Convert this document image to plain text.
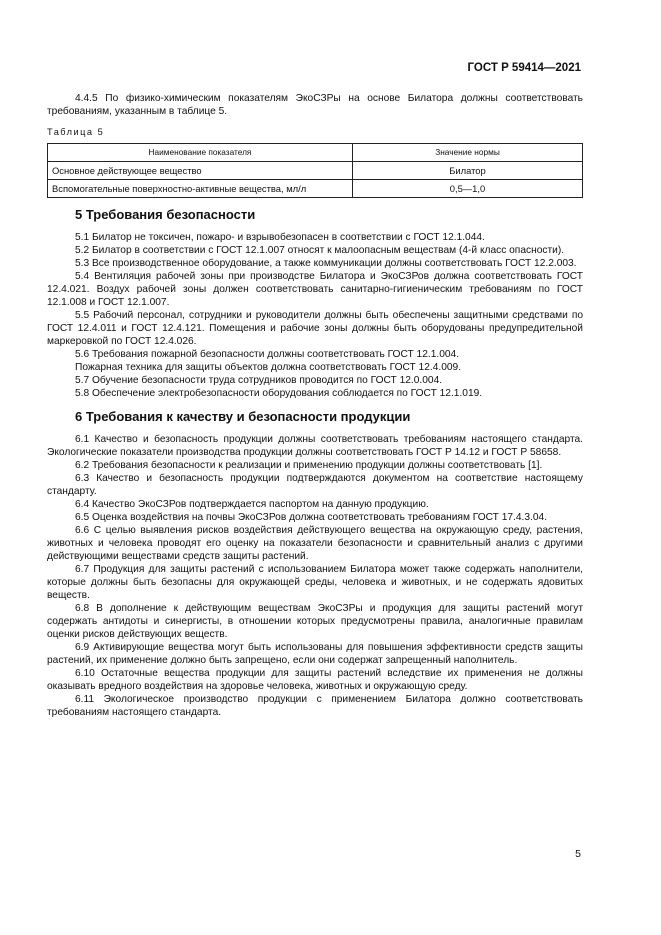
ГОСТ Р 59414—2021

4.4.5 По физико-химическим показателям ЭкоСЗРы на основе Билатора должны соответствовать требованиям, указанным в таблице 5.

Таблица 5
Наименование показателя	Значение нормы
Основное действующее вещество	Билатор
Вспомогательные поверхностно-активные вещества, мл/л	0,5—1,0
5 Требования безопасности

5.1 Билатор не токсичен, пожаро- и взрывобезопасен в соответствии с ГОСТ 12.1.044.

5.2 Билатор в соответствии с ГОСТ 12.1.007 относят к малоопасным веществам (4-й класс опасности).

5.3 Все производственное оборудование, а также коммуникации должны соответствовать ГОСТ 12.2.003.

5.4 Вентиляция рабочей зоны при производстве Билатора и ЭкоСЗРов должна соответствовать ГОСТ 12.4.021. Воздух рабочей зоны должен соответствовать санитарно-гигиеническим требованиям по ГОСТ 12.1.008 и ГОСТ 12.1.007.

5.5 Рабочий персонал, сотрудники и руководители должны быть обеспечены защитными средствами по ГОСТ 12.4.011 и ГОСТ 12.4.121. Помещения и рабочие зоны должны быть оборудованы предупредительной маркеровкой по ГОСТ 12.4.026.

5.6 Требования пожарной безопасности должны соответствовать ГОСТ 12.1.004.

Пожарная техника для защиты объектов должна соответствовать ГОСТ 12.4.009.

5.7 Обучение безопасности труда сотрудников проводится по ГОСТ 12.0.004.

5.8 Обеспечение электробезопасности оборудования соблюдается по ГОСТ 12.1.019.

6 Требования к качеству и безопасности продукции

6.1 Качество и безопасность продукции должны соответствовать требованиям настоящего стандарта. Экологические показатели производства продукции должны соответствовать ГОСТ Р 14.12 и ГОСТ Р 58658.

6.2 Требования безопасности к реализации и применению продукции должны соответствовать [1].

6.3 Качество и безопасность продукции подтверждаются документом на соответствие настоящему стандарту.

6.4 Качество ЭкоСЗРов подтверждается паспортом на данную продукцию.

6.5 Оценка воздействия на почвы ЭкоСЗРов должна соответствовать требованиям ГОСТ 17.4.3.04.

6.6 С целью выявления рисков воздействия действующего вещества на окружающую среду, растения, животных и человека проводят его оценку на показатели безопасности и сравнительный анализ с другими действующими веществами средств защиты растений.

6.7 Продукция для защиты растений с использованием Билатора может также содержать наполнители, которые должны быть безопасны для окружающей среды, человека и животных, и не содержать ядовитых веществ.

6.8 В дополнение к действующим веществам ЭкоСЗРы и продукция для защиты растений могут содержать антидоты и синергисты, в отношении которых предусмотрены правила, аналогичные правилам оценки рисков действующих веществ.

6.9 Активирующие вещества могут быть использованы для повышения эффективности средств защиты растений, их применение должно быть запрещено, если они содержат запрещенный наполнитель.

6.10 Остаточные вещества продукции для защиты растений вследствие их применения не должны оказывать вредного воздействия на здоровье человека, животных и окружающую среду.

6.11 Экологическое производство продукции с применением Билатора должно соответствовать требованиям настоящего стандарта.

5
